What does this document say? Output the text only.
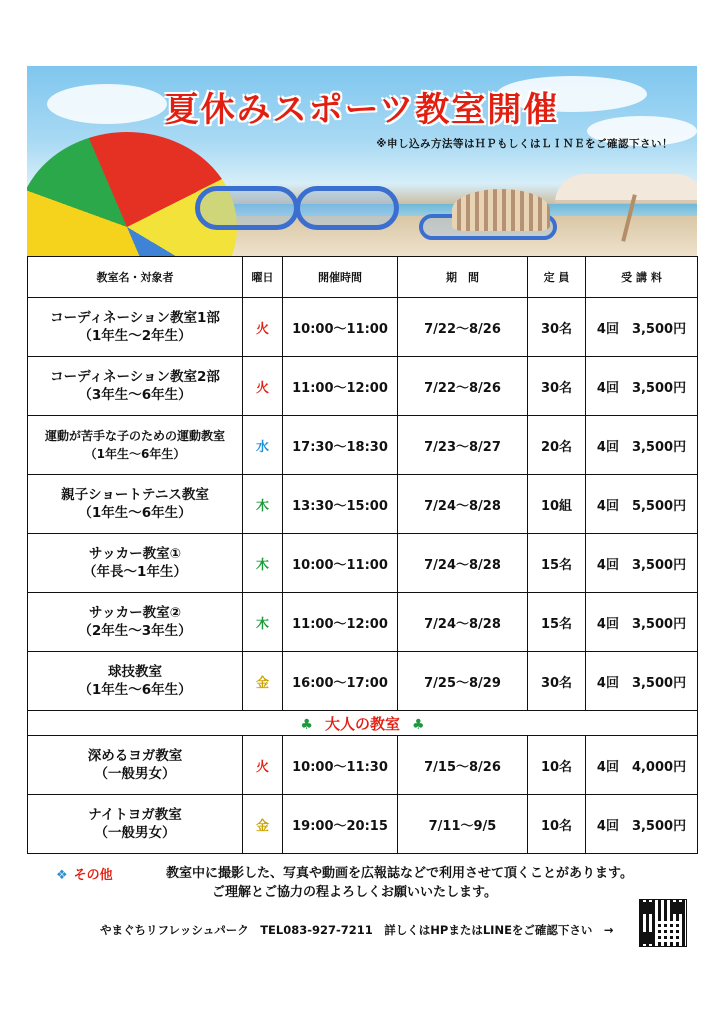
夏休みスポーツ教室開催
※申し込み方法等はＨＰもしくはＬＩＮＥをご確認下さい！
教室名・対象者	曜日	開催時間	期　間	定 員	受 講 料

コーディネーション教室1部
（1年生～2年生）	火	10:00～11:00	7/22～8/26	30名	4回　3,500円

コーディネーション教室2部
（3年生～6年生）	火	11:00～12:00	7/22～8/26	30名	4回　3,500円

運動が苦手な子のための運動教室
（1年生～6年生）	水	17:30～18:30	7/23～8/27	20名	4回　3,500円

親子ショートテニス教室
（1年生～6年生）	木	13:30～15:00	7/24～8/28	10組	4回　5,500円

サッカー教室①
（年長～1年生）	木	10:00～11:00	7/24～8/28	15名	4回　3,500円

サッカー教室②
（2年生～3年生）	木	11:00～12:00	7/24～8/28	15名	4回　3,500円

球技教室
（1年生～6年生）	金	16:00～17:00	7/25～8/29	30名	4回　3,500円
♣ 大人の教室 ♣					

深めるヨガ教室
（一般男女）	火	10:00～11:30	7/15～8/26	10名	4回　4,000円

ナイトヨガ教室
（一般男女）	金	19:00～20:15	7/11～9/5	10名	4回　3,500円
❖ その他	教室中に撮影した、写真や動画を広報誌などで利用させて頂くことがあります。
ご理解とご協力の程よろしくお願いいたします。
やまぐちリフレッシュパーク　TEL083-927-7211　詳しくはHPまたはLINEをご確認下さい　→
